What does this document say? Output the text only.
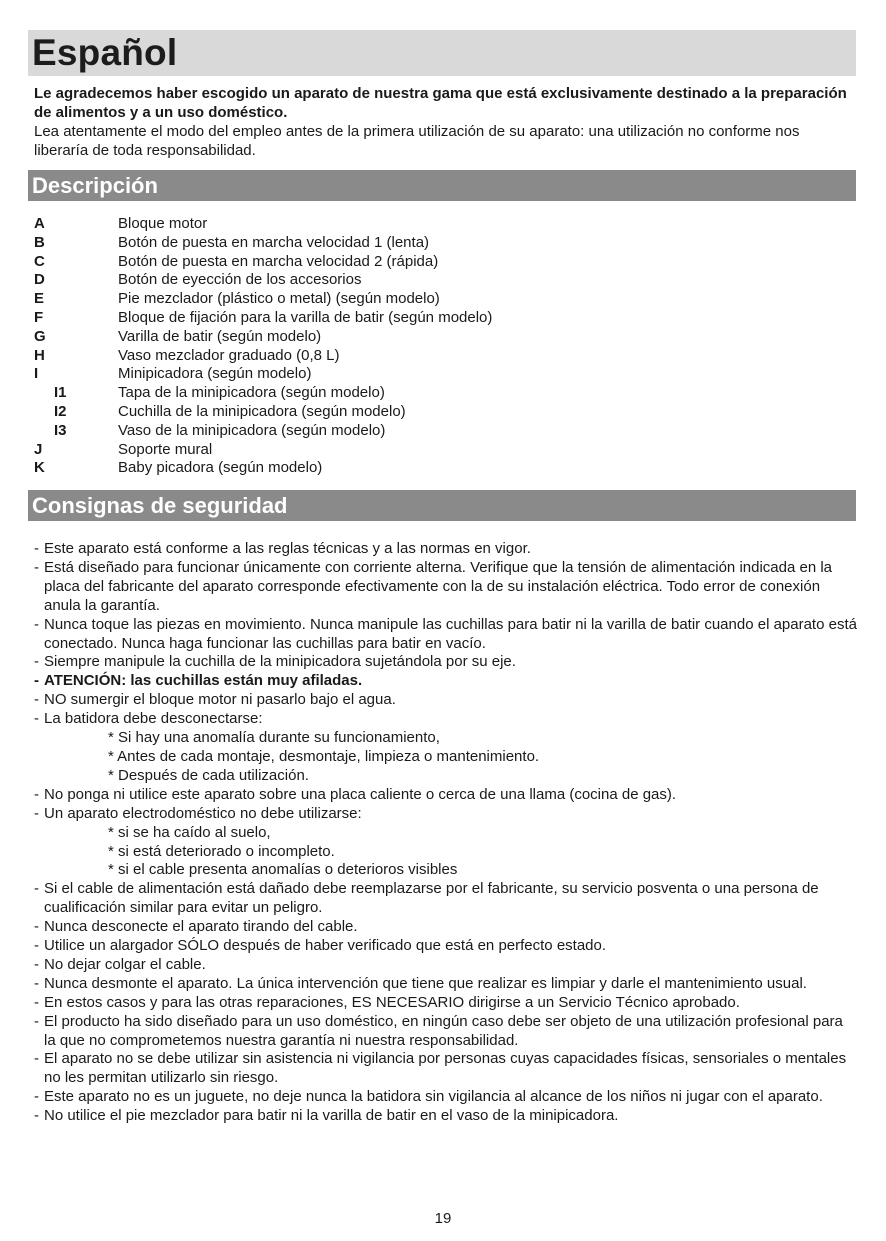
Español
Le agradecemos haber escogido un aparato de nuestra gama que está exclusivamente destinado a la preparación de alimentos y a un uso doméstico.
Lea atentamente el modo del empleo antes de la primera utilización de su aparato: una utilización no conforme nos liberaría de toda responsabilidad.
Descripción
A	Bloque motor
B	Botón de puesta en marcha velocidad 1 (lenta)
C	Botón de puesta en marcha velocidad 2 (rápida)
D	Botón de eyección de los accesorios
E	Pie mezclador (plástico o metal) (según modelo)
F	Bloque de fijación para la varilla de batir (según modelo)
G	Varilla de batir (según modelo)
H	Vaso mezclador graduado (0,8 L)
I	Minipicadora (según modelo)
I1	Tapa de la minipicadora (según modelo)
I2	Cuchilla de la minipicadora (según modelo)
I3	Vaso de la minipicadora (según modelo)
J	Soporte mural
K	Baby picadora (según modelo)
Consignas de seguridad
- Este aparato está conforme a las reglas técnicas y a las normas en vigor.
- Está diseñado para funcionar únicamente con corriente alterna. Verifique que la tensión de alimentación indicada en la placa del fabricante del aparato corresponde efectivamente con la de su instalación eléctrica. Todo error de conexión anula la garantía.
- Nunca toque las piezas en movimiento. Nunca manipule las cuchillas para batir ni la varilla de batir cuando el aparato está conectado. Nunca haga funcionar las cuchillas para batir en vacío.
- Siempre manipule la cuchilla de la minipicadora sujetándola por su eje.
- ATENCIÓN: las cuchillas están muy afiladas.
- NO sumergir el bloque motor ni pasarlo bajo el agua.
- La batidora debe desconectarse:
* Si hay una anomalía durante su funcionamiento,
* Antes de cada montaje, desmontaje, limpieza o mantenimiento.
* Después de cada utilización.
- No ponga ni utilice este aparato sobre una placa caliente o cerca de una llama (cocina de gas).
- Un aparato electrodoméstico no debe utilizarse:
* si se ha caído al suelo,
* si está deteriorado o incompleto.
* si el cable presenta anomalías o deterioros visibles
- Si el cable de alimentación está dañado debe reemplazarse por el fabricante, su servicio posventa o una persona de cualificación similar para evitar un peligro.
- Nunca desconecte el aparato tirando del cable.
- Utilice un alargador SÓLO después de haber verificado que está en perfecto estado.
- No dejar colgar el cable.
- Nunca desmonte el aparato. La única intervención que tiene que realizar es limpiar y darle el mantenimiento usual.
- En estos casos y para las otras reparaciones, ES NECESARIO dirigirse a un Servicio Técnico aprobado.
- El producto ha sido diseñado para un uso doméstico, en ningún caso debe ser objeto de una utilización profesional para la que no comprometemos nuestra garantía ni nuestra responsabilidad.
- El aparato no se debe utilizar sin asistencia ni vigilancia por personas cuyas capacidades físicas, sensoriales o mentales no les permitan utilizarlo sin riesgo.
- Este aparato no es un juguete, no deje nunca la batidora sin vigilancia al alcance de los niños ni jugar con el aparato.
- No utilice el pie mezclador para batir ni la varilla de batir en el vaso de la minipicadora.
19
